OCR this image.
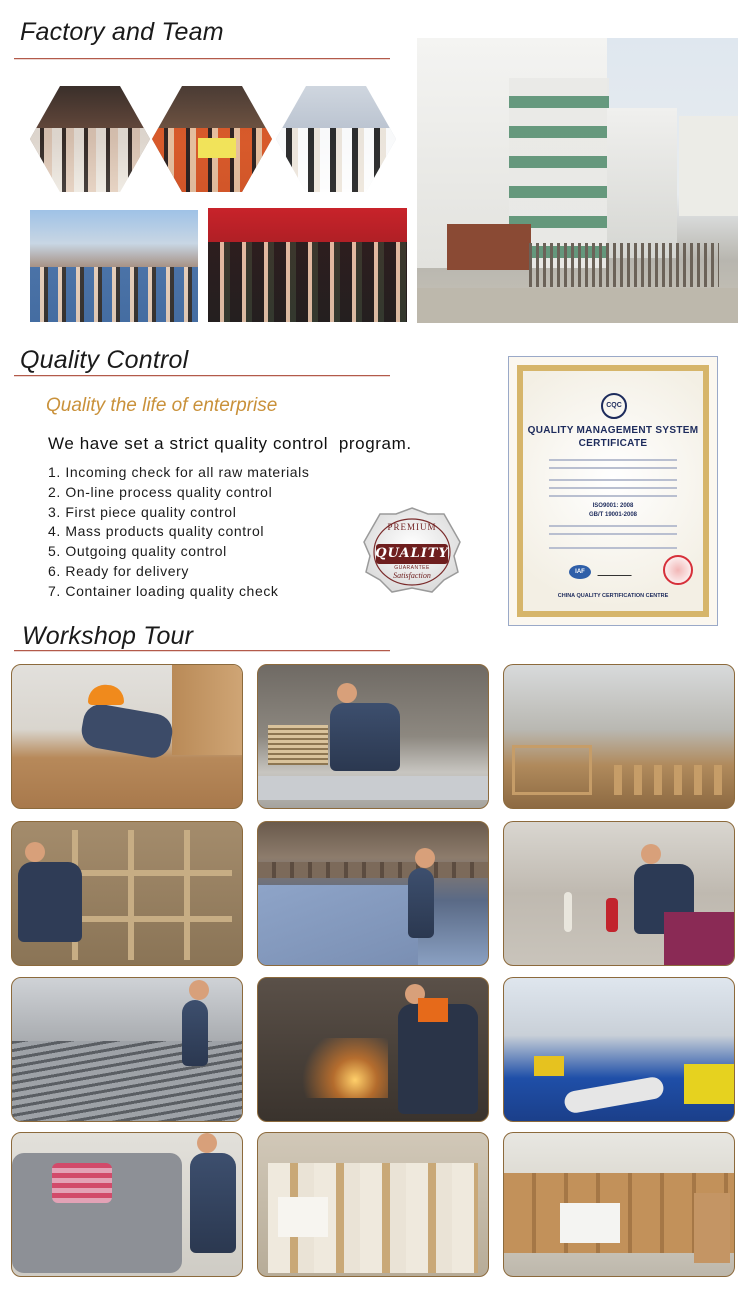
Factory and Team
Quality Control
Quality the life of enterprise
We have set a strict quality control  program.
1. Incoming check for all raw materials
2. On-line process quality control
3. First piece quality control
4. Mass products quality control
5. Outgoing quality control
6. Ready for delivery
7. Container loading quality check
PREMIUM
QUALITY
GUARANTEE
Satisfaction
CQC
QUALITY MANAGEMENT SYSTEM
CERTIFICATE
ISO9001: 2008
GB/T 19001-2008
IAF
CHINA QUALITY CERTIFICATION CENTRE
Workshop Tour
